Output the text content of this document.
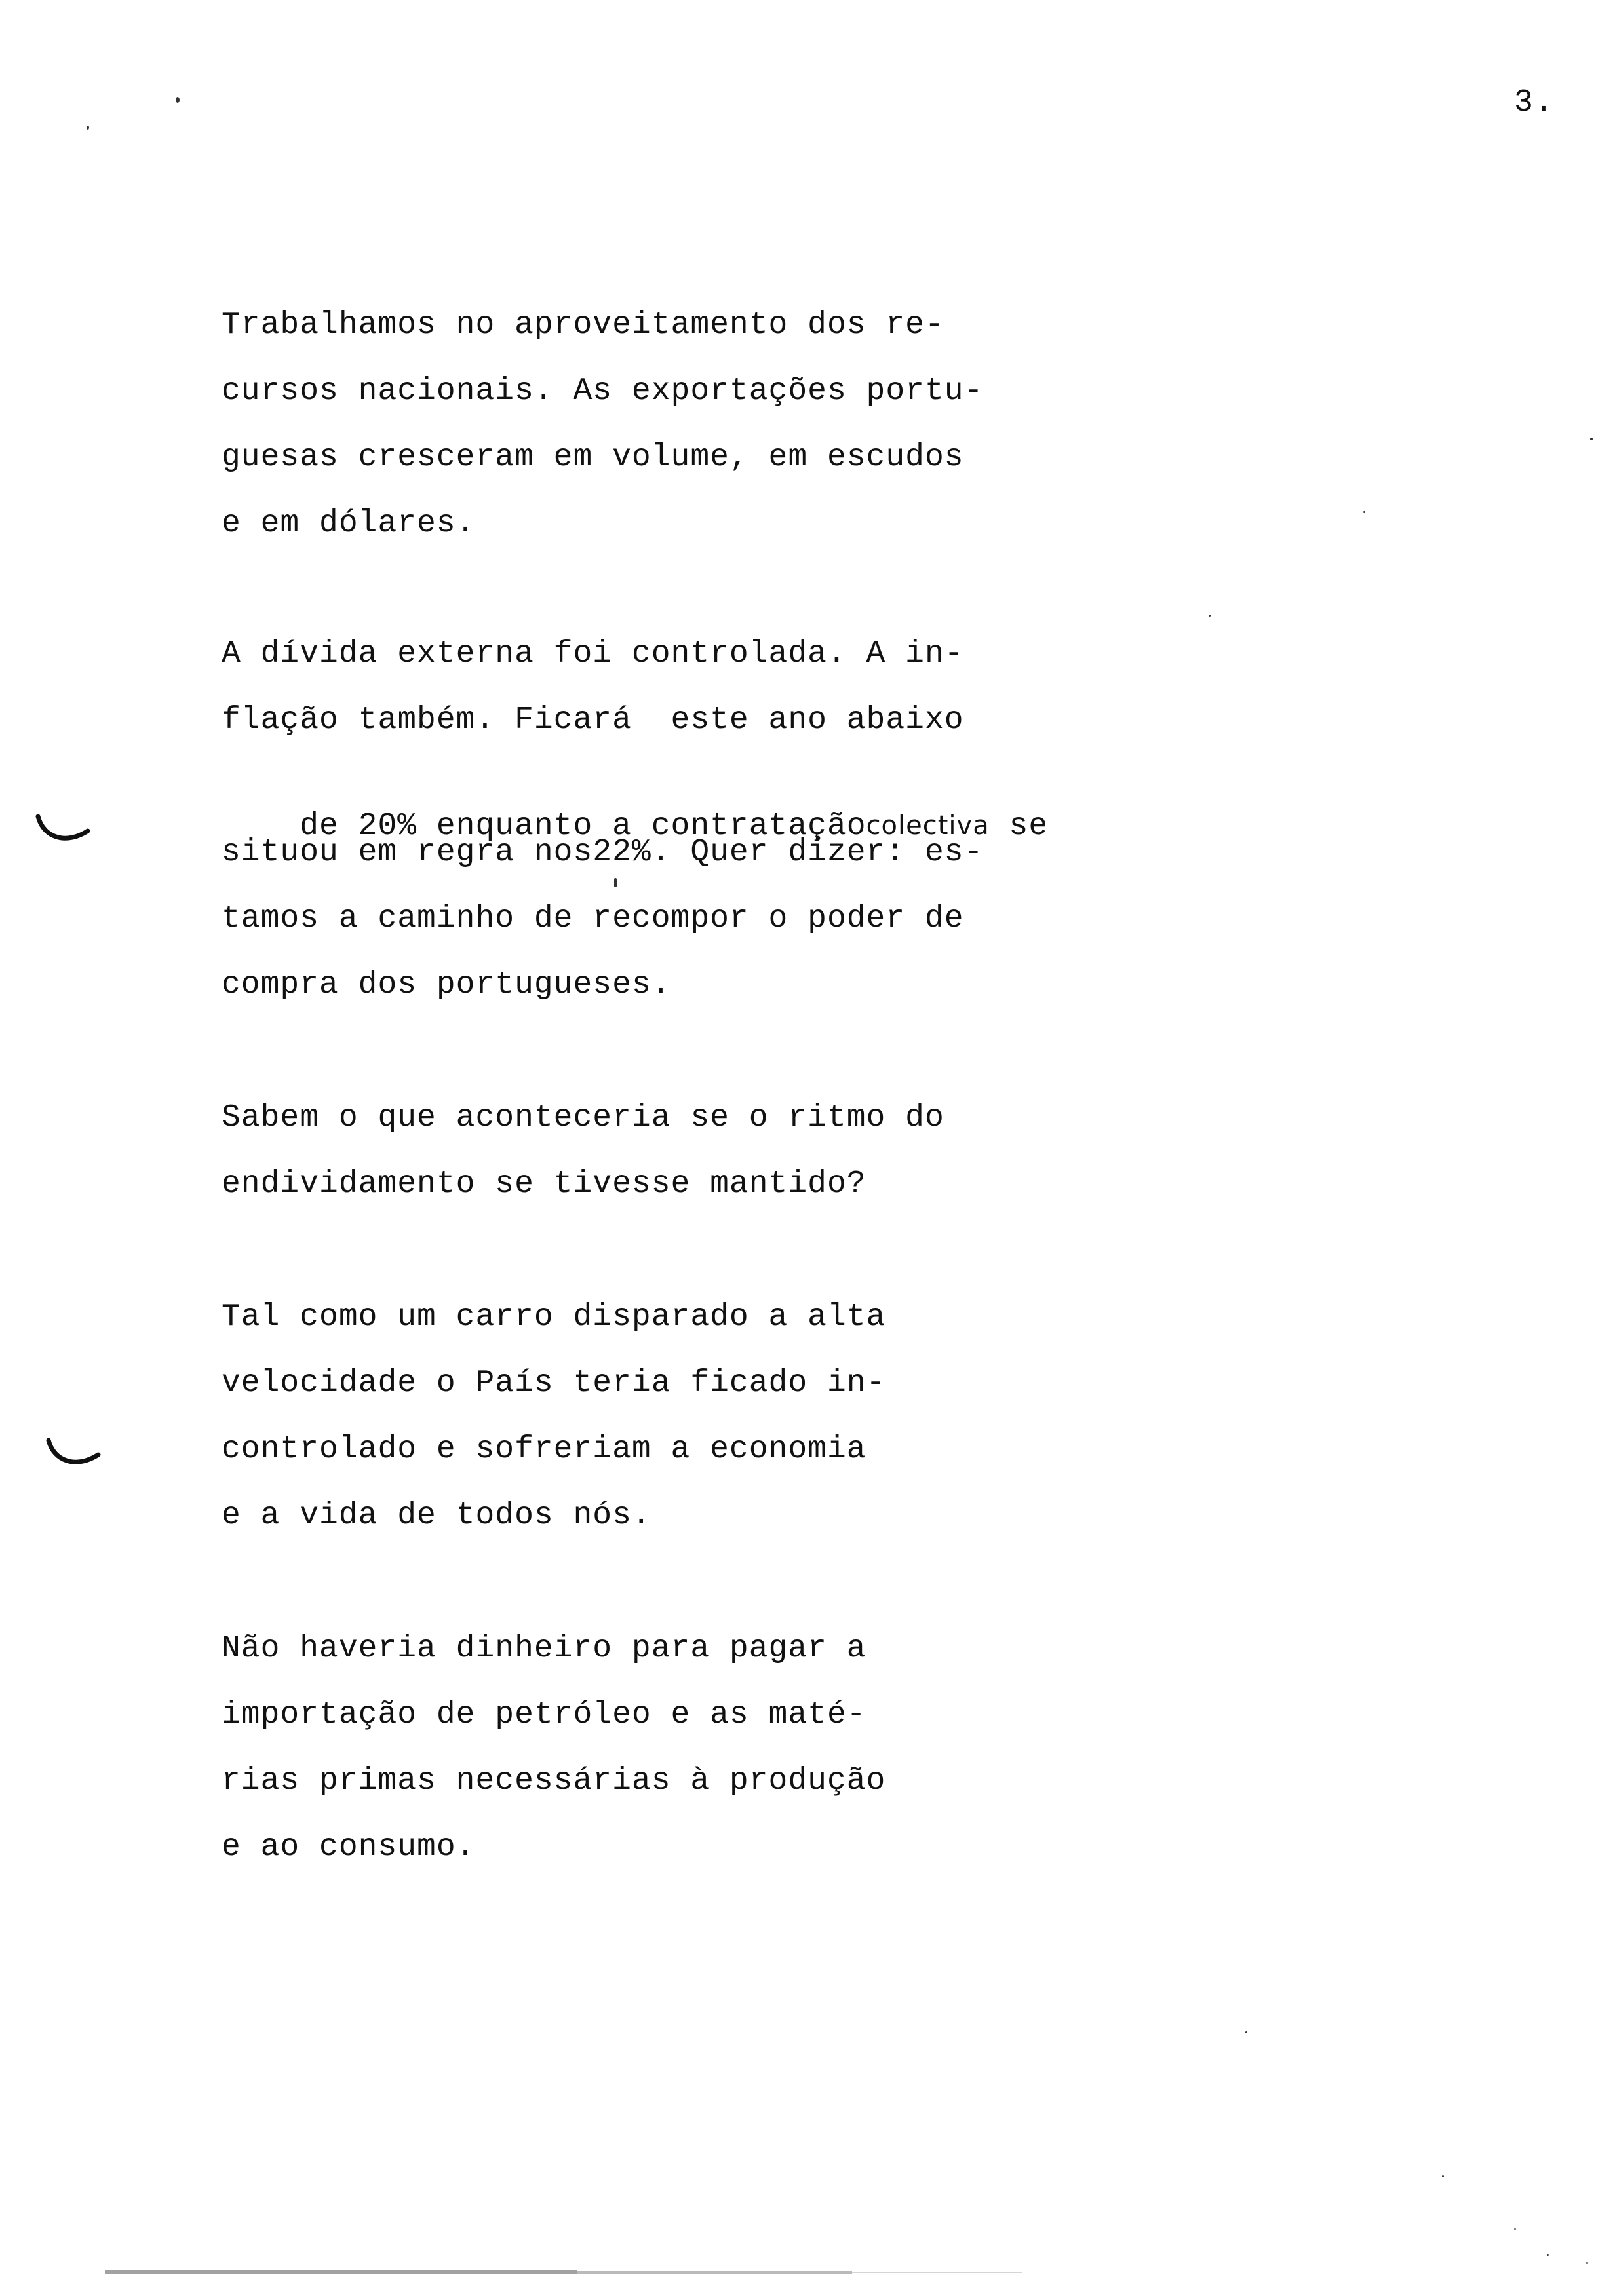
3.
Trabalhamos no aproveitamento dos re-
cursos nacionais. As exportações portu-
guesas cresceram em volume, em escudos
e em dólares.
A dívida externa foi controlada. A in-
flação também. Ficará  este ano abaixo

de 20% enquanto a contrataçãocolectiva se

situou em regra nos22%. Quer dizer: es-
tamos a caminho de recompor o poder de
compra dos portugueses.
Sabem o que aconteceria se o ritmo do
endividamento se tivesse mantido?
Tal como um carro disparado a alta
velocidade o País teria ficado in-
controlado e sofreriam a economia
e a vida de todos nós.
Não haveria dinheiro para pagar a
importação de petróleo e as maté-
rias primas necessárias à produção
e ao consumo.
